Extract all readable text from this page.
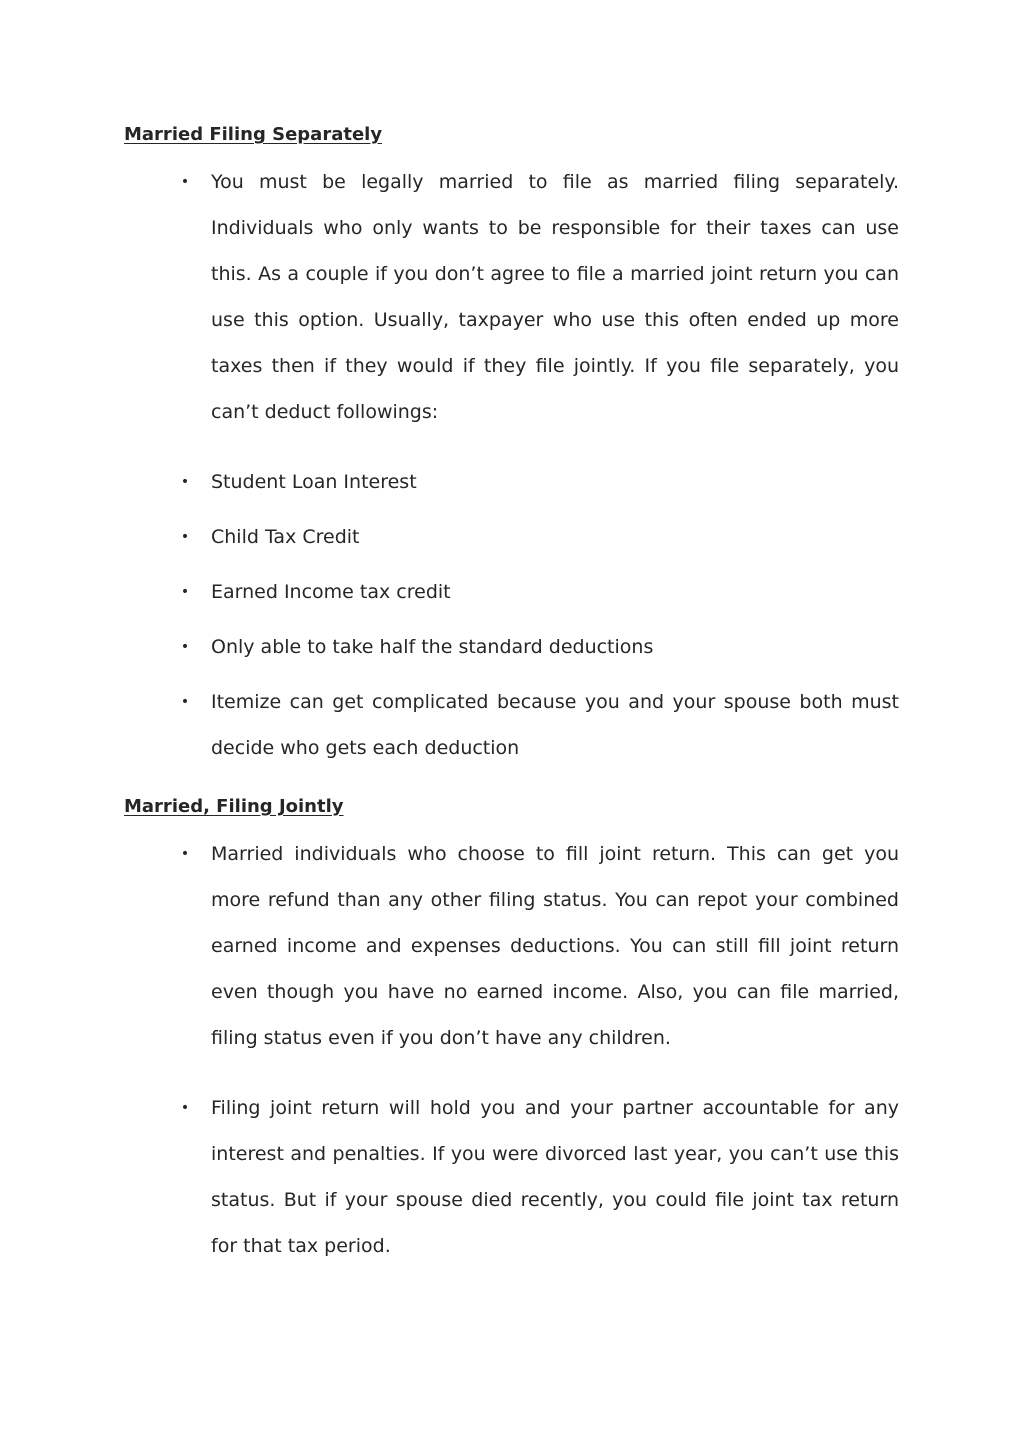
Married Filing Separately
• You must be legally married to file as married filing separately. Individuals who only wants to be responsible for their taxes can use this. As a couple if you don’t agree to file a married joint return you can use this option. Usually, taxpayer who use this often ended up more taxes then if they would if they file jointly. If you file separately, you can’t deduct followings:

• Student Loan Interest

• Child Tax Credit

• Earned Income tax credit

• Only able to take half the standard deductions

• Itemize can get complicated because you and your spouse both must decide who gets each deduction

Married, Filing Jointly
• Married individuals who choose to fill joint return. This can get you more refund than any other filing status. You can repot your combined earned income and expenses deductions. You can still fill joint return even though you have no earned income. Also, you can file married, filing status even if you don’t have any children.

• Filing joint return will hold you and your partner accountable for any interest and penalties. If you were divorced last year, you can’t use this status. But if your spouse died recently, you could file joint tax return for that tax period.
